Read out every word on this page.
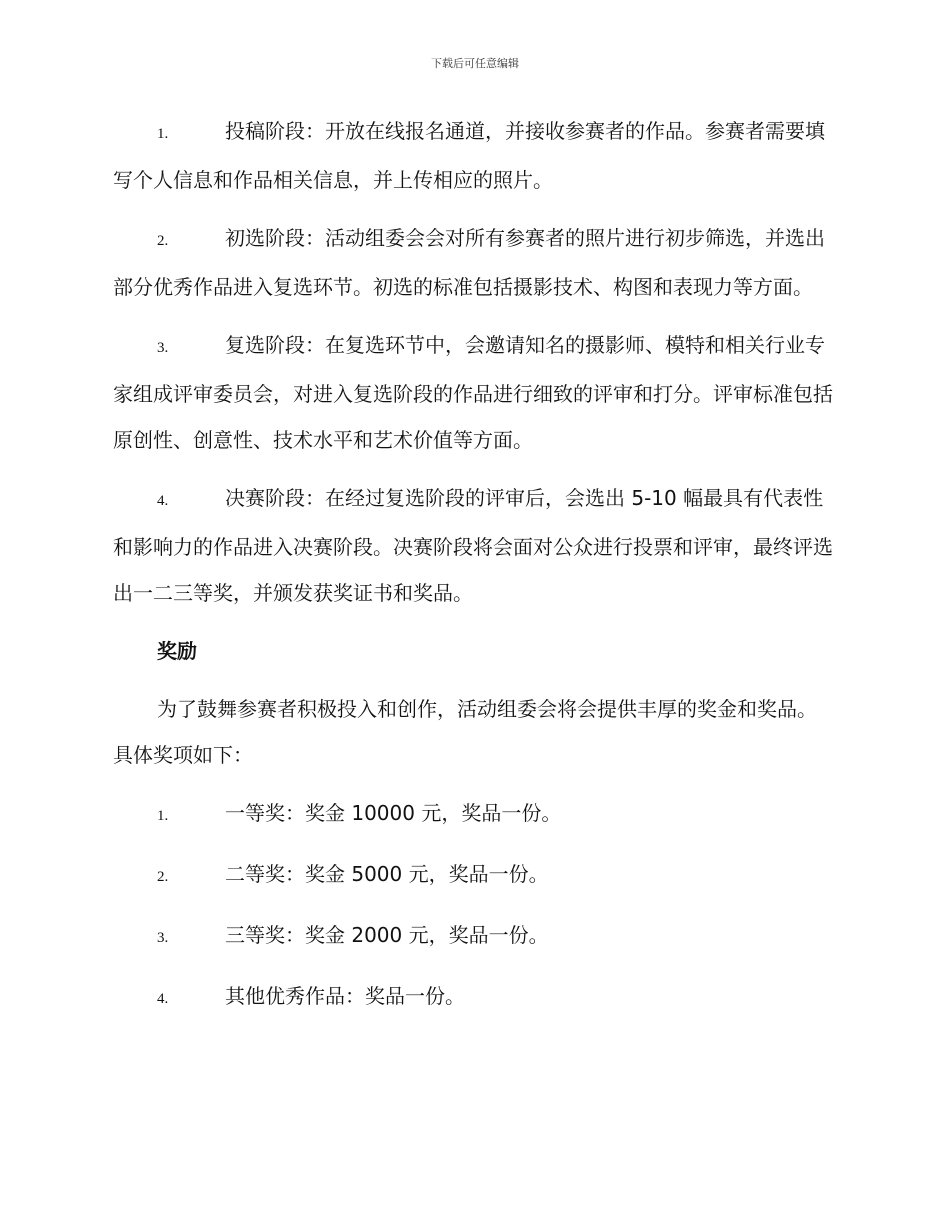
下载后可任意编辑
1.	投稿阶段：开放在线报名通道，并接收参赛者的作品。参赛者需要填写个人信息和作品相关信息，并上传相应的照片。
2.	初选阶段：活动组委会会对所有参赛者的照片进行初步筛选，并选出部分优秀作品进入复选环节。初选的标准包括摄影技术、构图和表现力等方面。
3.	复选阶段：在复选环节中，会邀请知名的摄影师、模特和相关行业专家组成评审委员会，对进入复选阶段的作品进行细致的评审和打分。评审标准包括原创性、创意性、技术水平和艺术价值等方面。
4.	决赛阶段：在经过复选阶段的评审后，会选出 5-10 幅最具有代表性和影响力的作品进入决赛阶段。决赛阶段将会面对公众进行投票和评审，最终评选出一二三等奖，并颁发获奖证书和奖品。
奖励
为了鼓舞参赛者积极投入和创作，活动组委会将会提供丰厚的奖金和奖品。具体奖项如下：
1.	一等奖：奖金 10000 元，奖品一份。
2.	二等奖：奖金 5000 元，奖品一份。
3.	三等奖：奖金 2000 元，奖品一份。
4.	其他优秀作品：奖品一份。
